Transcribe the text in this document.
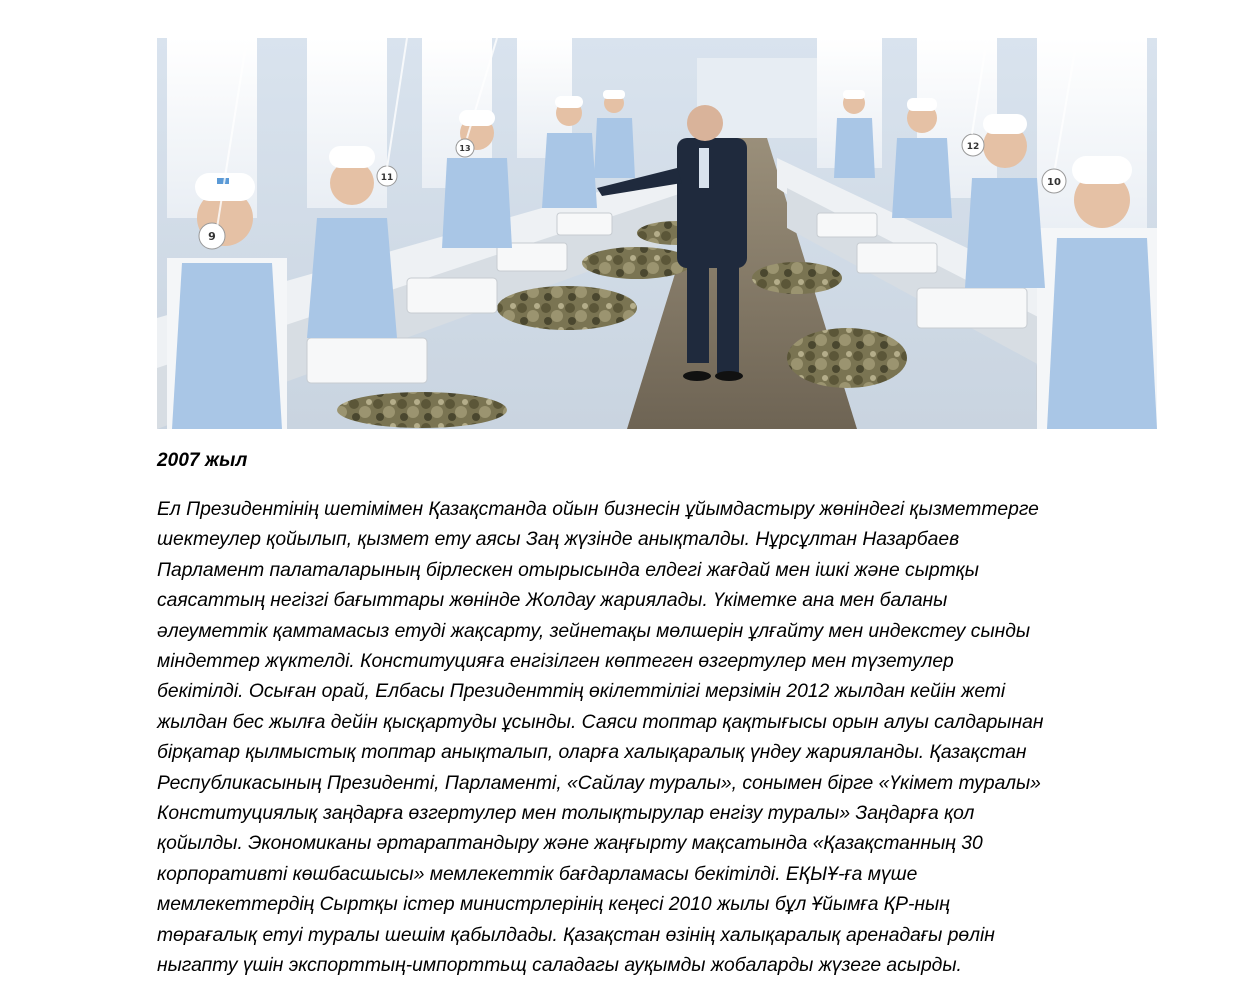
9
11
13	12
10
2007 жыл

Ел Президентінің шетімімен Қазақстанда ойын бизнесін ұйымдастыру жөніндегі қызметтерге
шектеулер қойылып, қызмет ету аясы Заң жүзінде анықталды. Нұрсұлтан Назарбаев
Парламент палаталарының бірлескен отырысында елдегі жағдай мен ішкі және сыртқы
саясаттың негізгі бағыттары жөнінде Жолдау жариялады. Үкіметке ана мен баланы
әлеуметтік қамтамасыз етуді жақсарту, зейнетақы мөлшерін ұлғайту мен индекстеу сынды
міндеттер жүктелді. Конституцияға енгізілген көптеген өзгертулер мен түзетулер
бекітілді. Осыған орай, Елбасы Президенттің өкілеттілігі мерзімін 2012 жылдан кейін жеті
жылдан бес жылға дейін қысқартуды ұсынды. Саяси топтар қақтығысы орын алуы салдарынан
бірқатар қылмыстық топтар анықталып, оларға халықаралық үндеу жарияланды. Қазақстан
Республикасының Президенті, Парламенті, «Сайлау туралы», сонымен бірге «Үкімет туралы»
Конституциялық заңдарға өзгертулер мен толықтырулар енгізу туралы» Заңдарға қол
қойылды. Экономиканы әртараптандыру және жаңғырту мақсатында «Қазақстанның 30
корпоративті көшбасшысы» мемлекеттік бағдарламасы бекітілді. ЕҚЫҰ-ға мүше
мемлекеттердің Сыртқы істер министрлерінің кеңесі 2010 жылы бұл Ұйымға ҚР-ның
төрағалық етуі туралы шешім қабылдады. Қазақстан өзінің халықаралық аренадағы рөлін
ныгапту үшін экспорттың-импорттьщ саладагы ауқымды жобаларды жүзеге асырды.
